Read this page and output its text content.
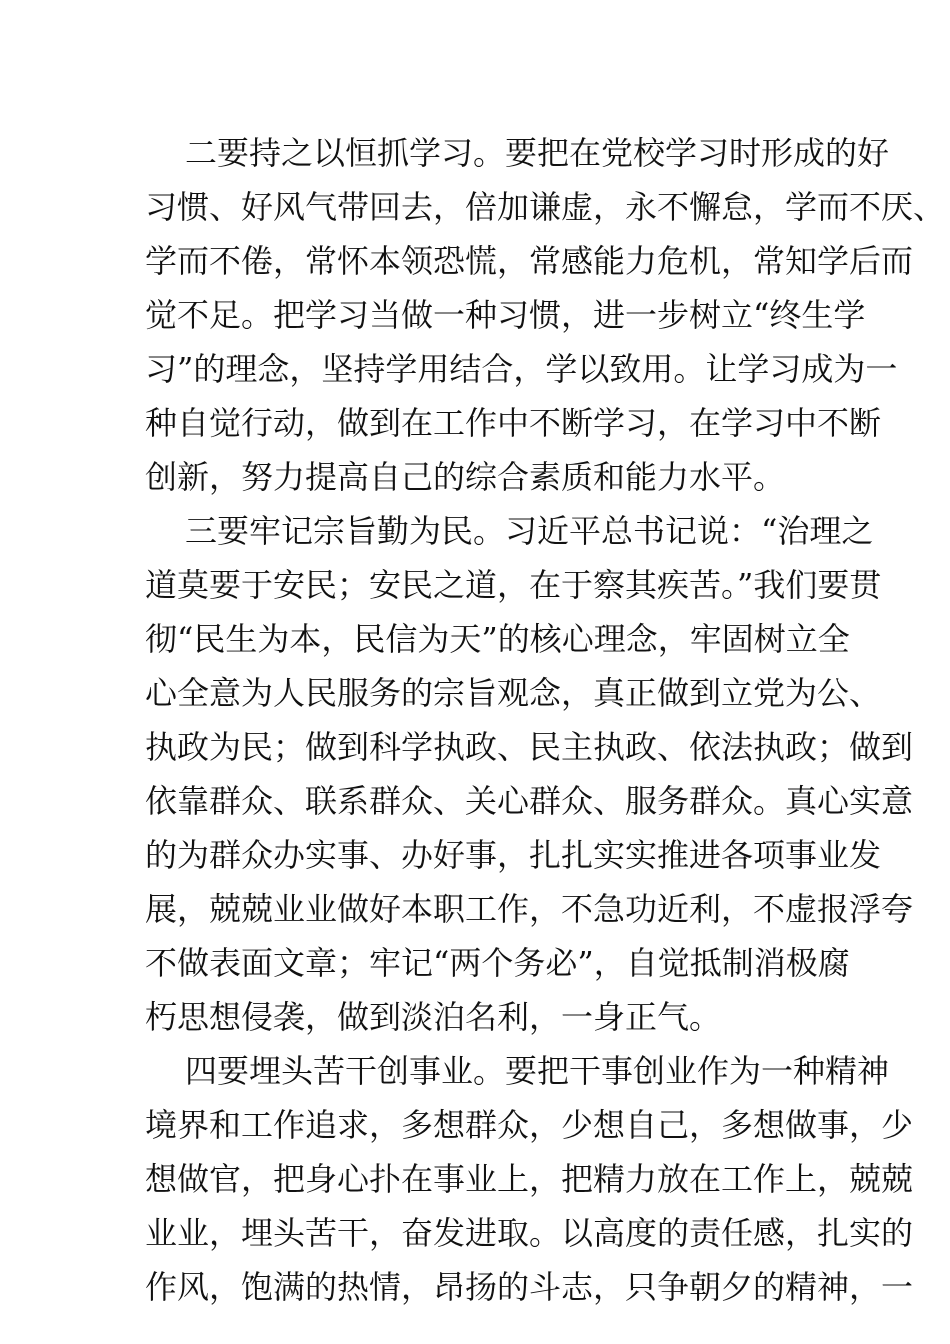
二要持之以恒抓学习。要把在党校学习时形成的好
习惯、好风气带回去，倍加谦虚，永不懈怠，学而不厌、
学而不倦，常怀本领恐慌，常感能力危机，常知学后而
觉不足。把学习当做一种习惯，进一步树立“终生学
习”的理念，坚持学用结合，学以致用。让学习成为一
种自觉行动，做到在工作中不断学习，在学习中不断
创新，努力提高自己的综合素质和能力水平。
三要牢记宗旨勤为民。习近平总书记说：“治理之
道莫要于安民；安民之道，在于察其疾苦。”我们要贯
彻“民生为本，民信为天”的核心理念，牢固树立全
心全意为人民服务的宗旨观念，真正做到立党为公、
执政为民；做到科学执政、民主执政、依法执政；做到
依靠群众、联系群众、关心群众、服务群众。真心实意
的为群众办实事、办好事，扎扎实实推进各项事业发
展，兢兢业业做好本职工作，不急功近利，不虚报浮夸
不做表面文章；牢记“两个务必”，自觉抵制消极腐
朽思想侵袭，做到淡泊名利，一身正气。
四要埋头苦干创事业。要把干事创业作为一种精神
境界和工作追求，多想群众，少想自己，多想做事，少
想做官，把身心扑在事业上，把精力放在工作上，兢兢
业业，埋头苦干，奋发进取。以高度的责任感，扎实的
作风，饱满的热情，昂扬的斗志，只争朝夕的精神，一
